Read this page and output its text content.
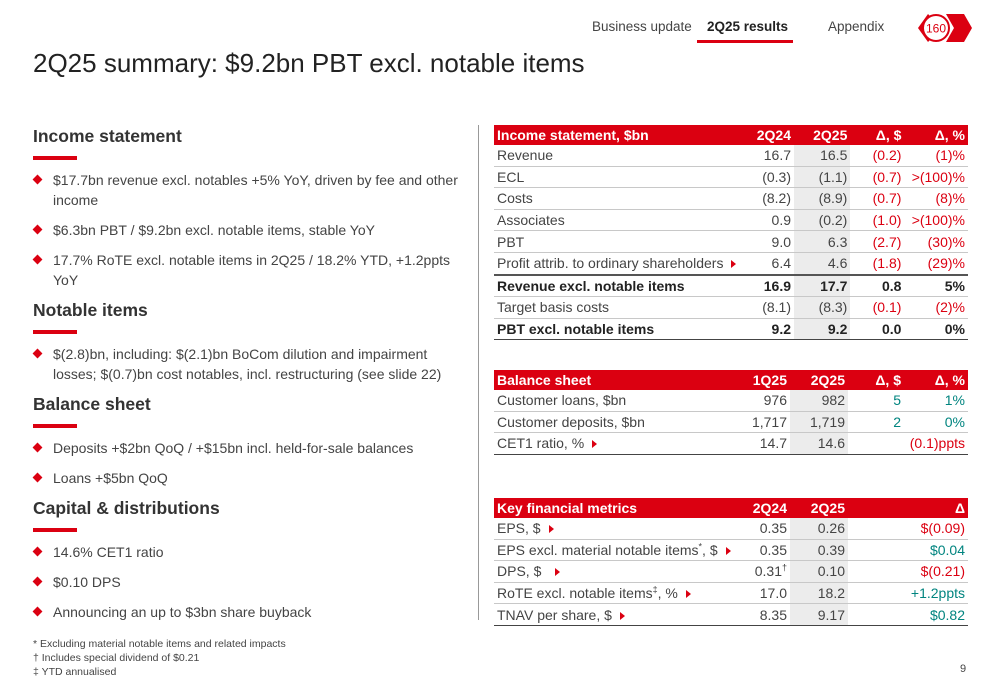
Business update 2Q25 results	Appendix	160
2Q25 summary: $9.2bn PBT excl. notable items
Income statement
$17.7bn revenue excl. notables +5% YoY, driven by fee and other income
$6.3bn PBT / $9.2bn excl. notable items, stable YoY
17.7% RoTE excl. notable items in 2Q25 / 18.2% YTD, +1.2ppts YoY
Notable items
$(2.8)bn, including: $(2.1)bn BoCom dilution and impairment losses; $(0.7)bn cost notables, incl. restructuring (see slide 22)
Balance sheet
Deposits +$2bn QoQ / +$15bn incl. held-for-sale balances
Loans +$5bn QoQ
Capital & distributions
14.6% CET1 ratio
$0.10 DPS
Announcing an up to $3bn share buyback
Income statement, $bn	2Q24	2Q25	Δ, $	Δ, %
Revenue	16.7	16.5	(0.2)	(1)%
ECL	(0.3)	(1.1)	(0.7)	>(100)%
Costs	(8.2)	(8.9)	(0.7)	(8)%
Associates	0.9	(0.2)	(1.0)	>(100)%
PBT	9.0	6.3	(2.7)	(30)%
Profit attrib. to ordinary shareholders	6.4	4.6	(1.8)	(29)%
Revenue excl. notable items	16.9	17.7	0.8	5%
Target basis costs	(8.1)	(8.3)	(0.1)	(2)%
PBT excl. notable items	9.2	9.2	0.0	0%
Balance sheet	1Q25	2Q25	Δ, $	Δ, %
Customer loans, $bn	976	982	5	1%
Customer deposits, $bn	1,717	1,719	2	0%
CET1 ratio, %	14.7	14.6	(0.1)ppts	
Key financial metrics	2Q24	2Q25	Δ
EPS, $	0.35	0.26	$(0.09)
EPS excl. material notable items*, $	0.35	0.39	$0.04
DPS, $	0.31†	0.10	$(0.21)
RoTE excl. notable items‡, %	17.0	18.2	+1.2ppts
TNAV per share, $	8.35	9.17	$0.82
* Excluding material notable items and related impacts
† Includes special dividend of $0.21
‡ YTD annualised	9
